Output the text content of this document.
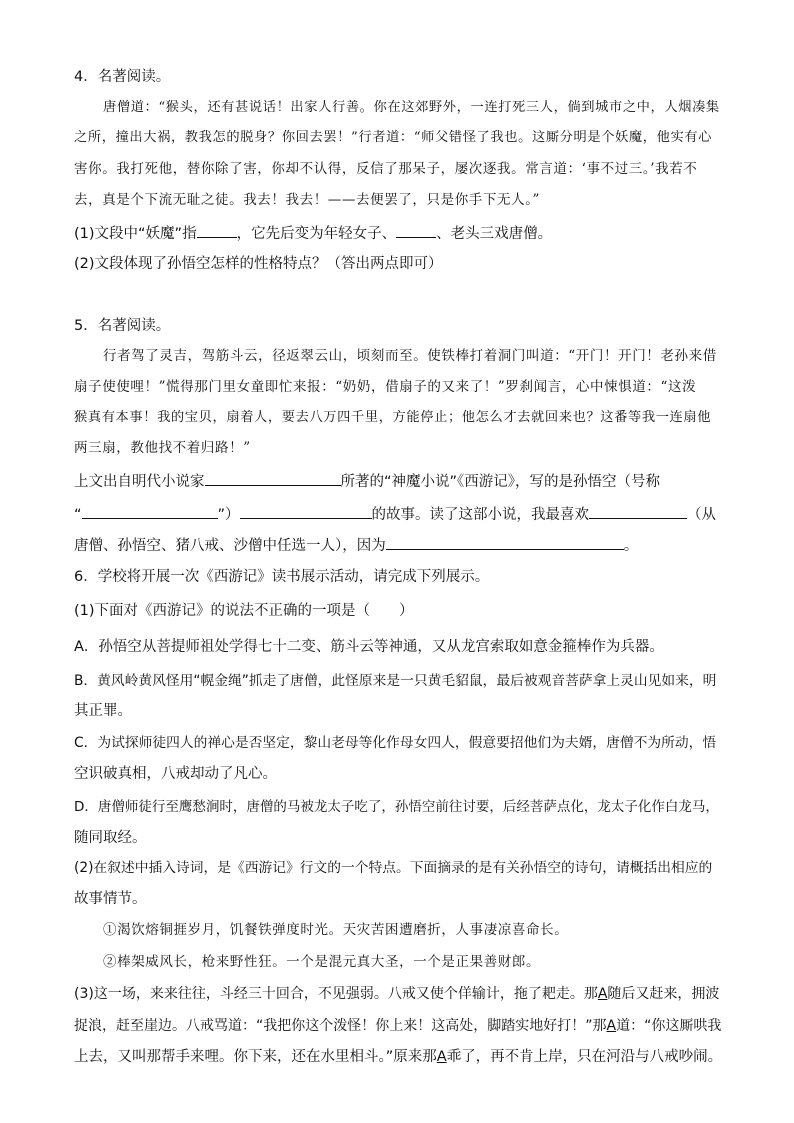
4．名著阅读。
唐僧道：“猴头，还有甚说话！出家人行善。你在这郊野外，一连打死三人，倘到城市之中，人烟凑集
之所，撞出大祸，教我怎的脱身？你回去罢！”行者道：“师父错怪了我也。这厮分明是个妖魔，他实有心
害你。我打死他，替你除了害，你却不认得，反信了那呆子，屡次逐我。常言道：‘事不过三。’我若不
去，真是个下流无耻之徒。我去！我去！——去便罢了，只是你手下无人。”
(1)文段中“妖魔”指	，它先后变为年轻女子、	、老头三戏唐僧。
(2)文段体现了孙悟空怎样的性格特点？（答出两点即可）
5．名著阅读。
行者驾了灵吉，驾筋斗云，径返翠云山，顷刻而至。使铁棒打着洞门叫道：“开门！开门！老孙来借
扇子使使哩！”慌得那门里女童即忙来报：“奶奶，借扇子的又来了！”罗刹闻言，心中悚惧道：“这泼
猴真有本事！我的宝贝，扇着人，要去八万四千里，方能停止；他怎么才去就回来也？这番等我一连扇他
两三扇，教他找不着归路！”
上文出自明代小说家	所著的“神魔小说”《西游记》，写的是孙悟空（号称
“	”）	的故事。读了这部小说，我最喜欢	（从
唐僧、孙悟空、猪八戒、沙僧中任选一人），因为	。
6．学校将开展一次《西游记》读书展示活动，请完成下列展示。
(1)下面对《西游记》的说法不正确的一项是（　　）
A．孙悟空从菩提师祖处学得七十二变、筋斗云等神通，又从龙宫索取如意金箍棒作为兵器。
B．黄风岭黄风怪用“幌金绳”抓走了唐僧，此怪原来是一只黄毛貂鼠，最后被观音菩萨拿上灵山见如来，明
其正罪。
C．为试探师徒四人的禅心是否坚定，黎山老母等化作母女四人，假意要招他们为夫婿，唐僧不为所动，悟
空识破真相，八戒却动了凡心。
D．唐僧师徒行至鹰愁涧时，唐僧的马被龙太子吃了，孙悟空前往讨要，后经菩萨点化，龙太子化作白龙马，
随同取经。
(2)在叙述中插入诗词，是《西游记》行文的一个特点。下面摘录的是有关孙悟空的诗句，请概括出相应的
故事情节。
①渴饮熔铜捱岁月，饥餐铁弹度时光。天灾苦困遭磨折，人事凄凉喜命长。
②棒架威风长，枪来野性狂。一个是混元真大圣，一个是正果善财郎。
(3)这一场，来来往往，斗经三十回合，不见强弱。八戒又使个佯输计，拖了耙走。那A随后又赶来，拥波
捉浪，赶至崖边。八戒骂道：“我把你这个泼怪！你上来！这高处，脚踏实地好打！”那A道：“你这厮哄我
上去，又叫那帮手来哩。你下来，还在水里相斗。”原来那A乖了，再不肯上岸，只在河沿与八戒吵闹。
